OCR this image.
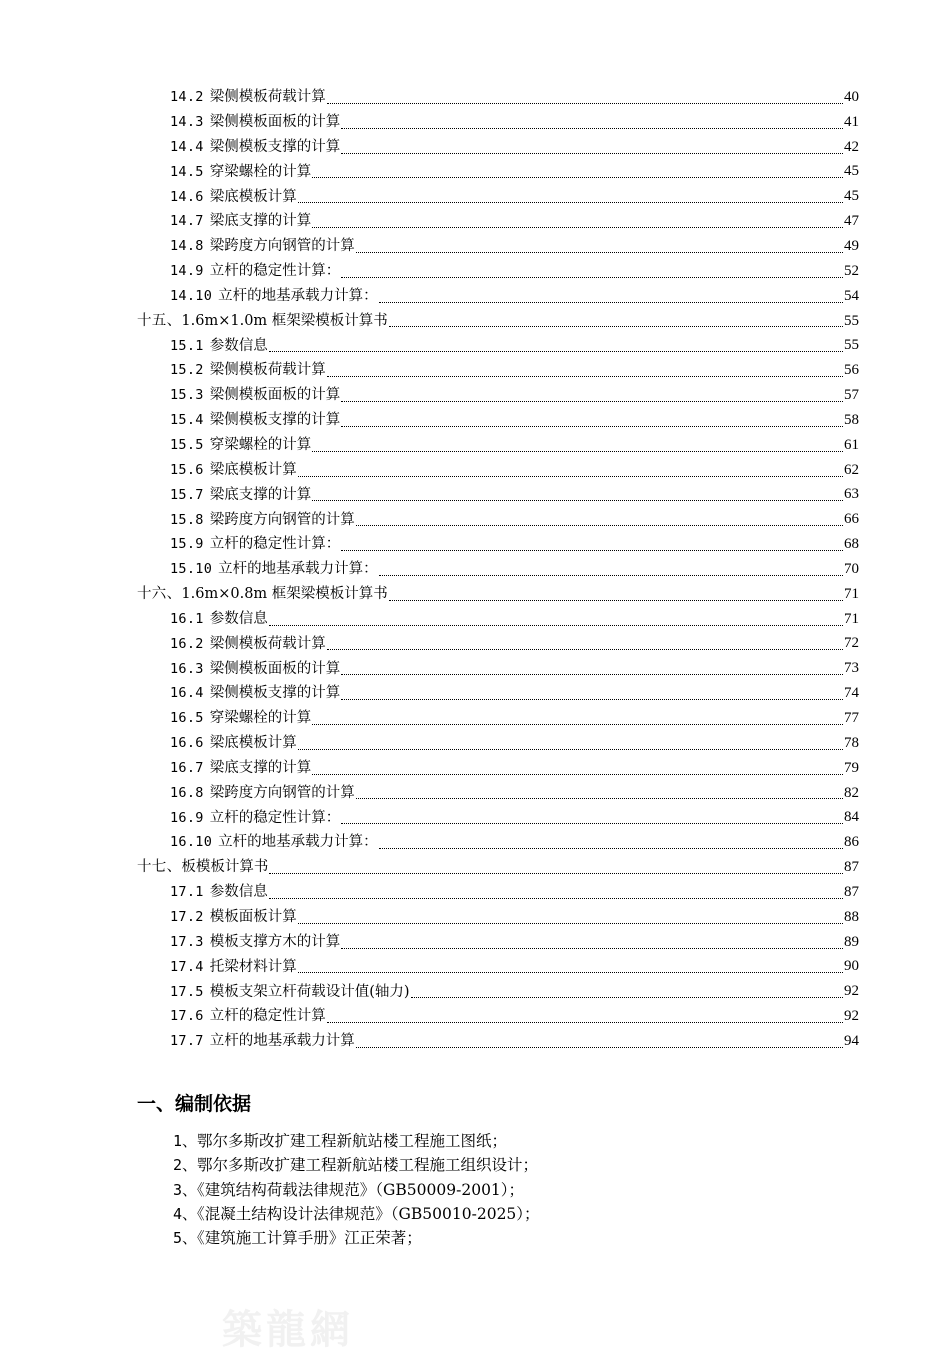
14.2 梁侧模板荷载计算	40
14.3 梁侧模板面板的计算	41
14.4 梁侧模板支撑的计算	42
14.5 穿梁螺栓的计算	45
14.6 梁底模板计算	45
14.7 梁底支撑的计算	47
14.8 梁跨度方向钢管的计算	49
14.9 立杆的稳定性计算：	52
14.10 立杆的地基承载力计算：	54
十五、1.6m×1.0m 框架梁模板计算书	55
15.1 参数信息	55
15.2 梁侧模板荷载计算	56
15.3 梁侧模板面板的计算	57
15.4 梁侧模板支撑的计算	58
15.5 穿梁螺栓的计算	61
15.6 梁底模板计算	62
15.7 梁底支撑的计算	63
15.8 梁跨度方向钢管的计算	66
15.9 立杆的稳定性计算：	68
15.10 立杆的地基承载力计算：	70
十六、1.6m×0.8m 框架梁模板计算书	71
16.1 参数信息	71
16.2 梁侧模板荷载计算	72
16.3 梁侧模板面板的计算	73
16.4 梁侧模板支撑的计算	74
16.5 穿梁螺栓的计算	77
16.6 梁底模板计算	78
16.7 梁底支撑的计算	79
16.8 梁跨度方向钢管的计算	82
16.9 立杆的稳定性计算：	84
16.10 立杆的地基承载力计算：	86
十七、板模板计算书	87
17.1 参数信息	87
17.2 模板面板计算	88
17.3 模板支撑方木的计算	89
17.4 托梁材料计算	90
17.5 模板支架立杆荷载设计值(轴力)	92
17.6 立杆的稳定性计算	92
17.7 立杆的地基承载力计算	94
一、编制依据
1、鄂尔多斯改扩建工程新航站楼工程施工图纸；
2、鄂尔多斯改扩建工程新航站楼工程施工组织设计；
3、《建筑结构荷载法律规范》（GB50009-2001）；
4、《混凝土结构设计法律规范》（GB50010-2025）；
5、《建筑施工计算手册》江正荣著；
築龍網
